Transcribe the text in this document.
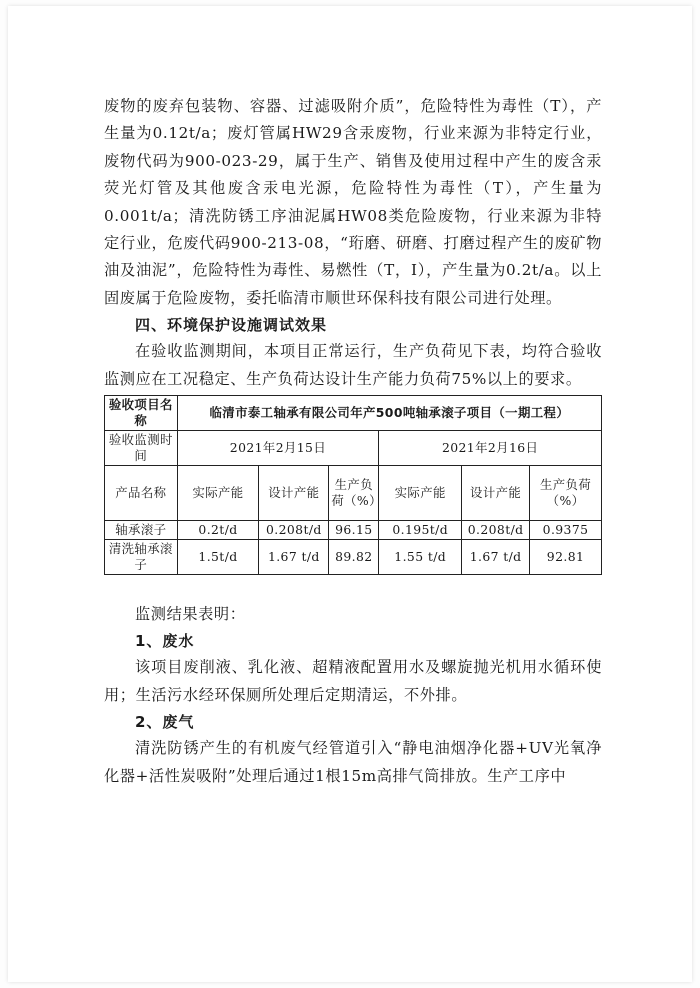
废物的废弃包装物、容器、过滤吸附介质”，危险特性为毒性（T），产生量为0.12t/a；废灯管属HW29含汞废物，行业来源为非特定行业，废物代码为900-023-29，属于生产、销售及使用过程中产生的废含汞荧光灯管及其他废含汞电光源，危险特性为毒性（T），产生量为0.001t/a；清洗防锈工序油泥属HW08类危险废物，行业来源为非特定行业，危废代码900-213-08，“珩磨、研磨、打磨过程产生的废矿物油及油泥”，危险特性为毒性、易燃性（T，I），产生量为0.2t/a。以上固废属于危险废物，委托临清市顺世环保科技有限公司进行处理。

四、环境保护设施调试效果

在验收监测期间，本项目正常运行，生产负荷见下表，均符合验收监测应在工况稳定、生产负荷达设计生产能力负荷75%以上的要求。

验收项目名称	临清市泰工轴承有限公司年产500吨轴承滚子项目（一期工程）					
验收监测时间	2021年2月15日			2021年2月16日		
产品名称	实际产能	设计产能	生产负荷（%）	实际产能	设计产能	生产负荷（%）
轴承滚子	0.2t/d	0.208t/d	96.15	0.195t/d	0.208t/d	0.9375
清洗轴承滚子	1.5t/d	1.67 t/d	89.82	1.55 t/d	1.67 t/d	92.81

监测结果表明：

1、废水

该项目废削液、乳化液、超精液配置用水及螺旋抛光机用水循环使用；生活污水经环保厕所处理后定期清运，不外排。

2、废气

清洗防锈产生的有机废气经管道引入“静电油烟净化器+UV光氧净化器+活性炭吸附”处理后通过1根15m高排气筒排放。生产工序中
